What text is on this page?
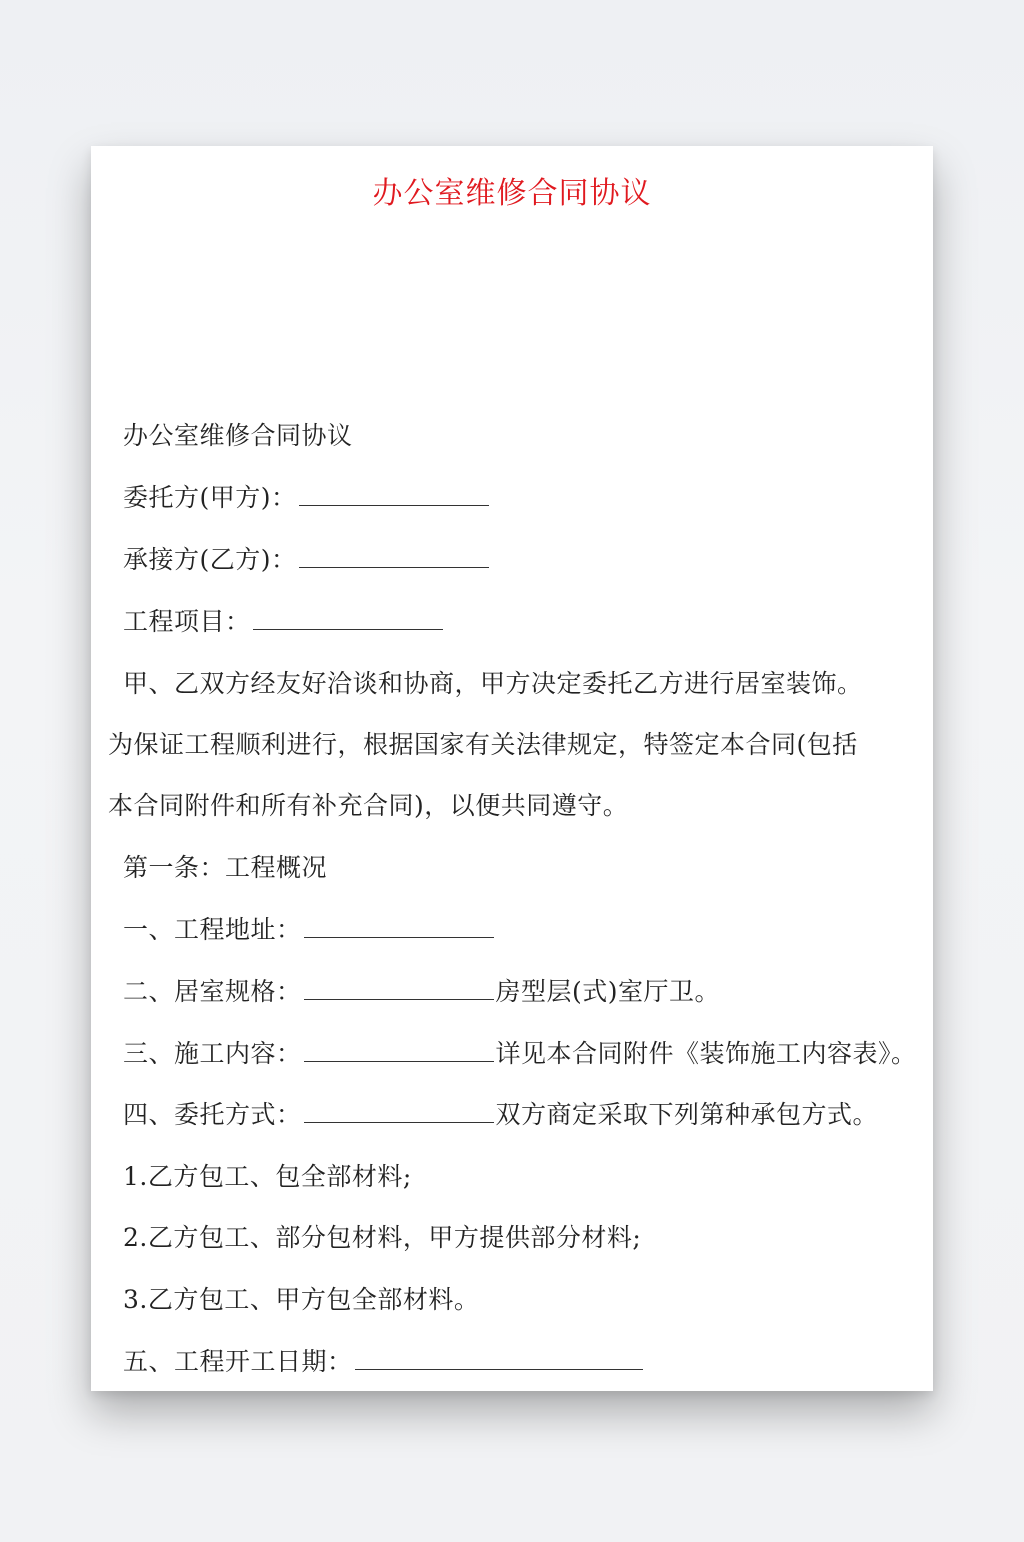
办公室维修合同协议
办公室维修合同协议
委托方(甲方)：
承接方(乙方)：
工程项目：
甲、乙双方经友好洽谈和协商，甲方决定委托乙方进行居室装饰。
为保证工程顺利进行，根据国家有关法律规定，特签定本合同(包括
本合同附件和所有补充合同)，以便共同遵守。
第一条：工程概况
一、工程地址：
二、居室规格：	房型层(式)室厅卫。
三、施工内容：	详见本合同附件《装饰施工内容表》。
四、委托方式：	双方商定采取下列第种承包方式。
1.乙方包工、包全部材料;
2.乙方包工、部分包材料，甲方提供部分材料;
3.乙方包工、甲方包全部材料。
五、工程开工日期：
